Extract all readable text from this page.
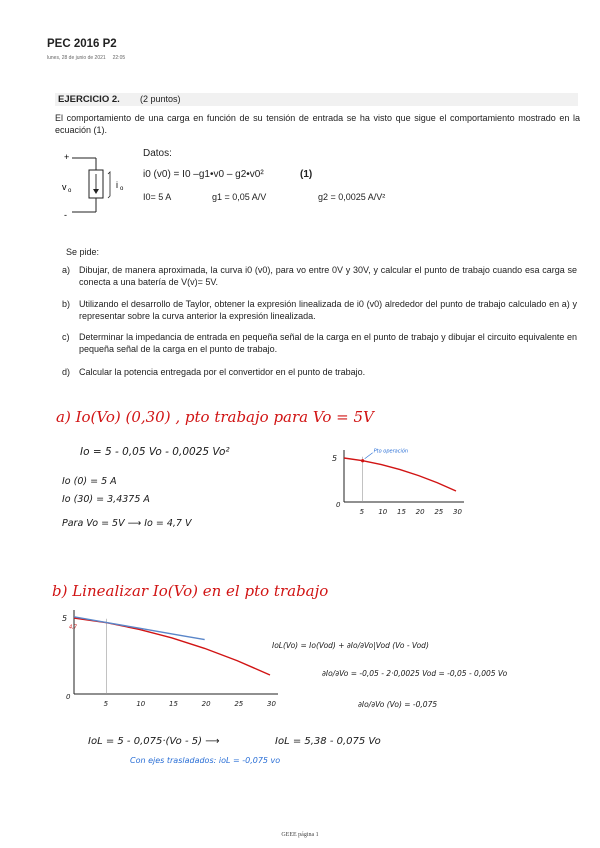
PEC 2016 P2
lunes, 28 de junio de 2021 22:05
EJERCICIO 2. (2 puntos)
El comportamiento de una carga en función de su tensión de entrada se ha visto que sigue el comportamiento mostrado en la ecuación (1).
+
-
v o
i o
Datos:
i0 (v0) = I0 –g1•v0 – g2•v0²	(1)
I0= 5 A	g1 = 0,05 A/V	g2 = 0,0025 A/V²
Se pide:
a) Dibujar, de manera aproximada, la curva i0 (v0), para vo entre 0V y 30V, y calcular el punto de trabajo cuando esa carga se conecta a una batería de V(v)= 5V.
b) Utilizando el desarrollo de Taylor, obtener la expresión linealizada de i0 (v0) alrededor del punto de trabajo calculado en a) y representar sobre la curva anterior la expresión linealizada.
c) Determinar la impedancia de entrada en pequeña señal de la carga en el punto de trabajo y dibujar el circuito equivalente en pequeña señal de la carga en el punto de trabajo.
d) Calcular la potencia entregada por el convertidor en el punto de trabajo.
a) Io(Vo) (0,30) , pto trabajo para Vo = 5V
Io = 5 - 0,05 Vo - 0,0025 Vo²
Io (0) = 5 A
Io (30) = 3,4375 A
Para Vo = 5V ⟶ Io = 4,7 V
0
5 10 15 20 25 30
5
Pto operación
b) Linealizar Io(Vo) en el pto trabajo
0
5	10	15	20	25	30
5
4,7
IoL(Vo) = Io(Vod) + ∂Io/∂Vo|Vod (Vo - Vod)
∂Io/∂Vo = -0,05 - 2·0,0025 Vod = -0,05 - 0,005 Vo
∂Io/∂Vo (Vo) = -0,075
IoL = 5 - 0,075·(Vo - 5) ⟶	IoL = 5,38 - 0,075 Vo
Con ejes trasladados: ioL = -0,075 vo
GEEE página 1
